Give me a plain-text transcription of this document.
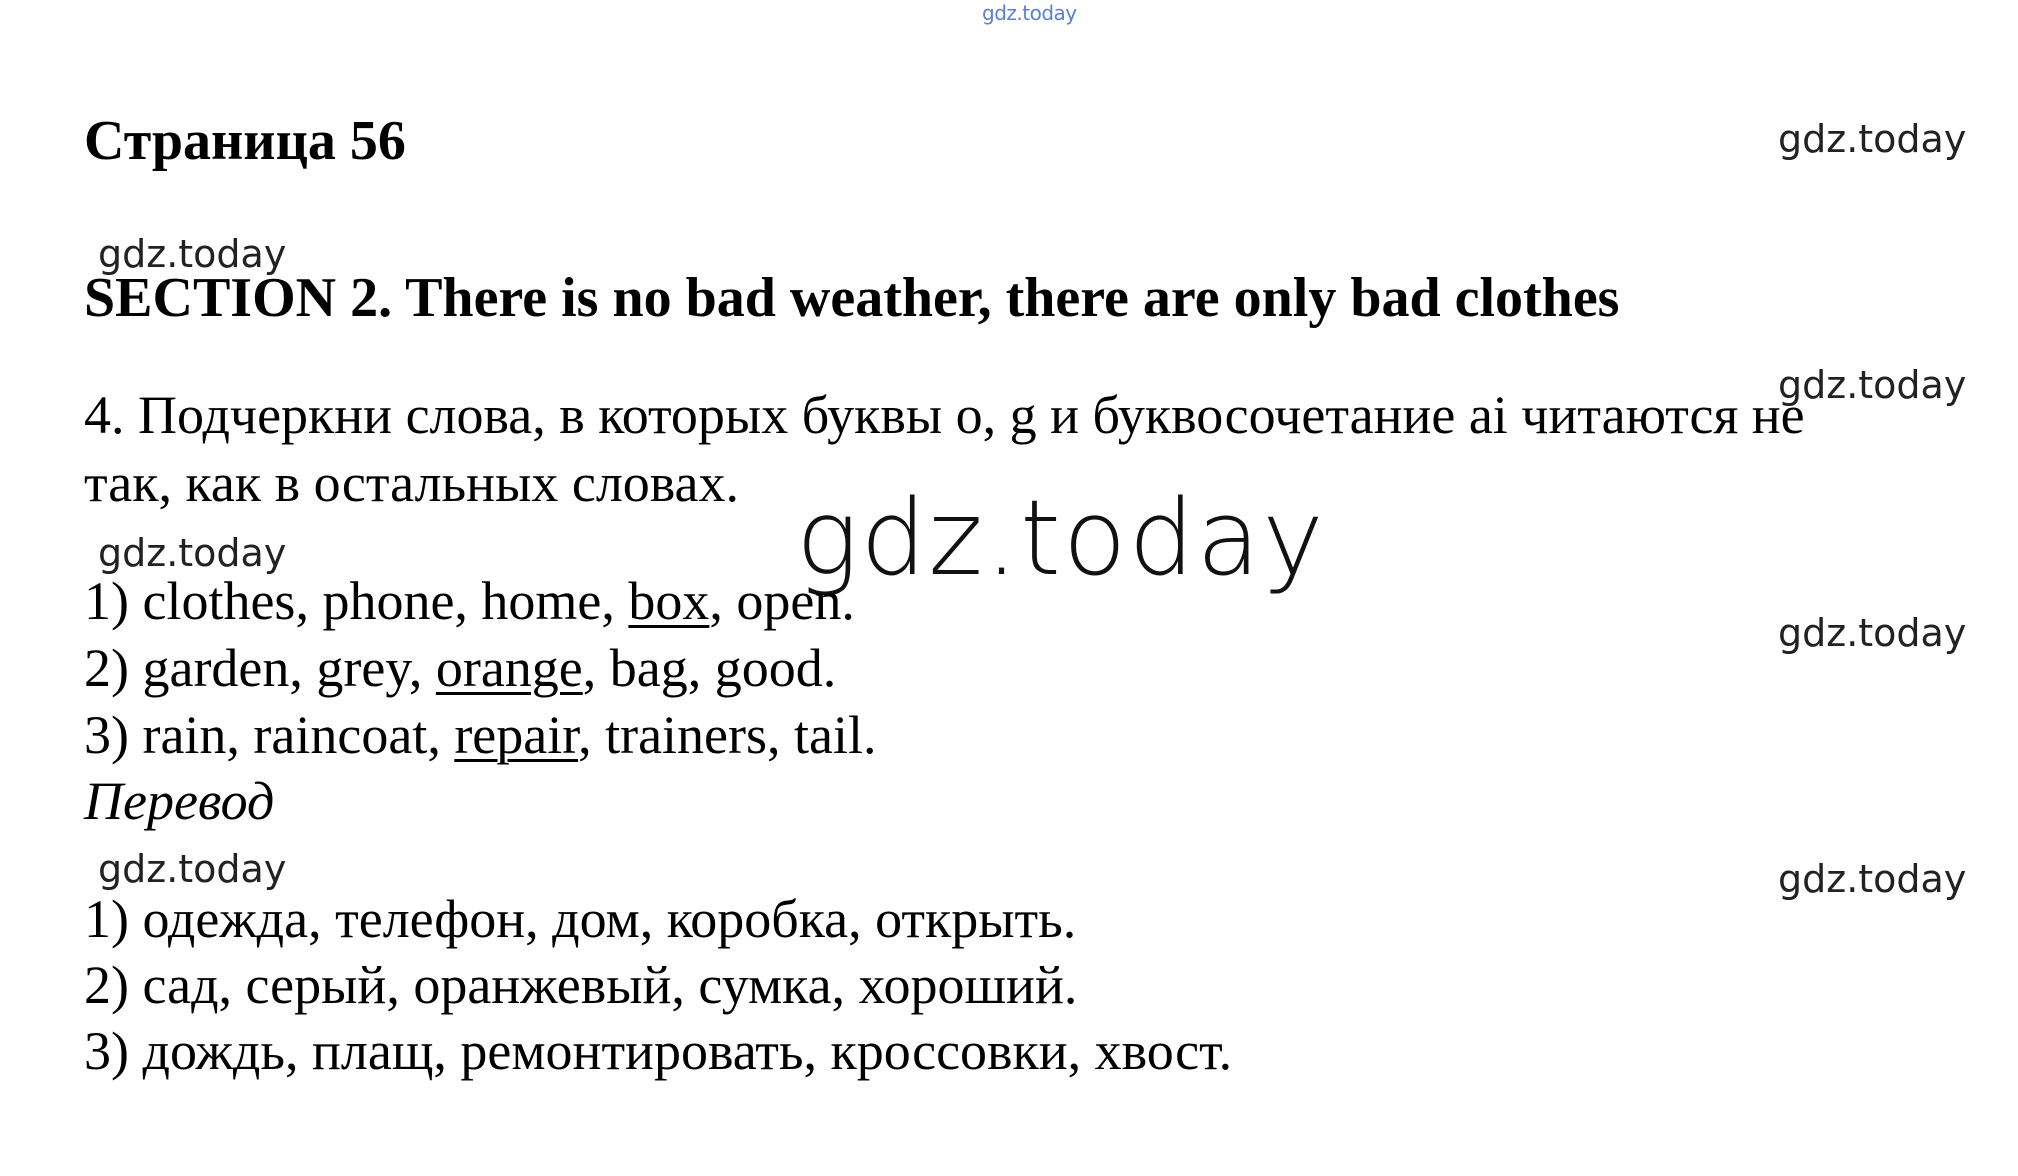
gdz.today
gdz.today
gdz.today
gdz.today
gdz.today
gdz.today
gdz.today	gdz.today
Страница 56
SECTION 2. There is no bad weather, there are only bad clothes
4. Подчеркни слова, в которых буквы o, g и буквосочетание ai читаются не
так, как в остальных словах. gdz.today
1) clothes, phone, home, box, open.
2) garden, grey, orange, bag, good.
3) rain, raincoat, repair, trainers, tail.
Перевод
1) одежда, телефон, дом, коробка, открыть.
2) сад, серый, оранжевый, сумка, хороший.
3) дождь, плащ, ремонтировать, кроссовки, хвост.
